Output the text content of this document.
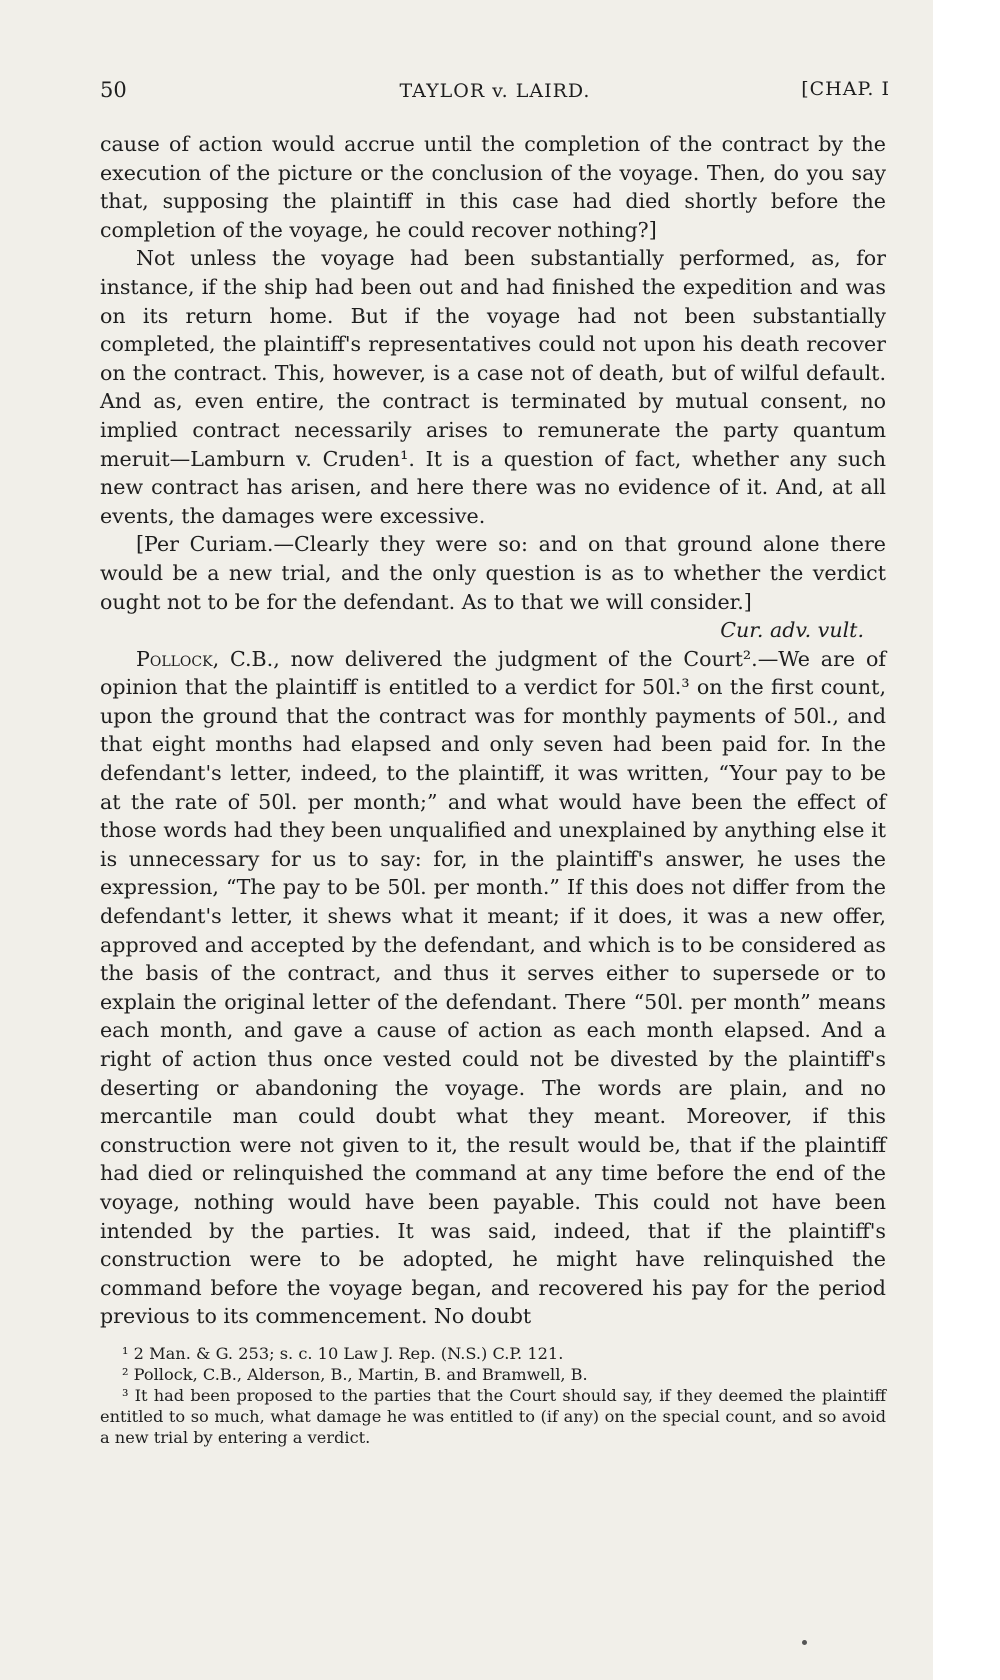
50	TAYLOR v. LAIRD.	[CHAP. I

cause of action would accrue until the completion of the contract by the execution of the picture or the conclusion of the voyage. Then, do you say that, supposing the plaintiff in this case had died shortly before the completion of the voyage, he could recover nothing?]

Not unless the voyage had been substantially performed, as, for instance, if the ship had been out and had finished the expedition and was on its return home. But if the voyage had not been substantially completed, the plaintiff's representatives could not upon his death recover on the contract. This, however, is a case not of death, but of wilful default. And as, even entire, the contract is terminated by mutual consent, no implied contract necessarily arises to remunerate the party quantum meruit—Lamburn v. Cruden¹. It is a question of fact, whether any such new contract has arisen, and here there was no evidence of it. And, at all events, the damages were excessive.

[Per Curiam.—Clearly they were so: and on that ground alone there would be a new trial, and the only question is as to whether the verdict ought not to be for the defendant. As to that we will consider.]

Cur. adv. vult.

Pollock, C.B., now delivered the judgment of the Court².—We are of opinion that the plaintiff is entitled to a verdict for 50l.³ on the first count, upon the ground that the contract was for monthly payments of 50l., and that eight months had elapsed and only seven had been paid for. In the defendant's letter, indeed, to the plaintiff, it was written, “Your pay to be at the rate of 50l. per month;” and what would have been the effect of those words had they been unqualified and unexplained by anything else it is unnecessary for us to say: for, in the plaintiff's answer, he uses the expression, “The pay to be 50l. per month.” If this does not differ from the defendant's letter, it shews what it meant; if it does, it was a new offer, approved and accepted by the defendant, and which is to be considered as the basis of the contract, and thus it serves either to supersede or to explain the original letter of the defendant. There “50l. per month” means each month, and gave a cause of action as each month elapsed. And a right of action thus once vested could not be divested by the plaintiff's deserting or abandoning the voyage. The words are plain, and no mercantile man could doubt what they meant. Moreover, if this construction were not given to it, the result would be, that if the plaintiff had died or relinquished the command at any time before the end of the voyage, nothing would have been payable. This could not have been intended by the parties. It was said, indeed, that if the plaintiff's construction were to be adopted, he might have relinquished the command before the voyage began, and recovered his pay for the period previous to its commencement. No doubt

¹ 2 Man. & G. 253; s. c. 10 Law J. Rep. (N.S.) C.P. 121.

² Pollock, C.B., Alderson, B., Martin, B. and Bramwell, B.

³ It had been proposed to the parties that the Court should say, if they deemed the plaintiff entitled to so much, what damage he was entitled to (if any) on the special count, and so avoid a new trial by entering a verdict.
